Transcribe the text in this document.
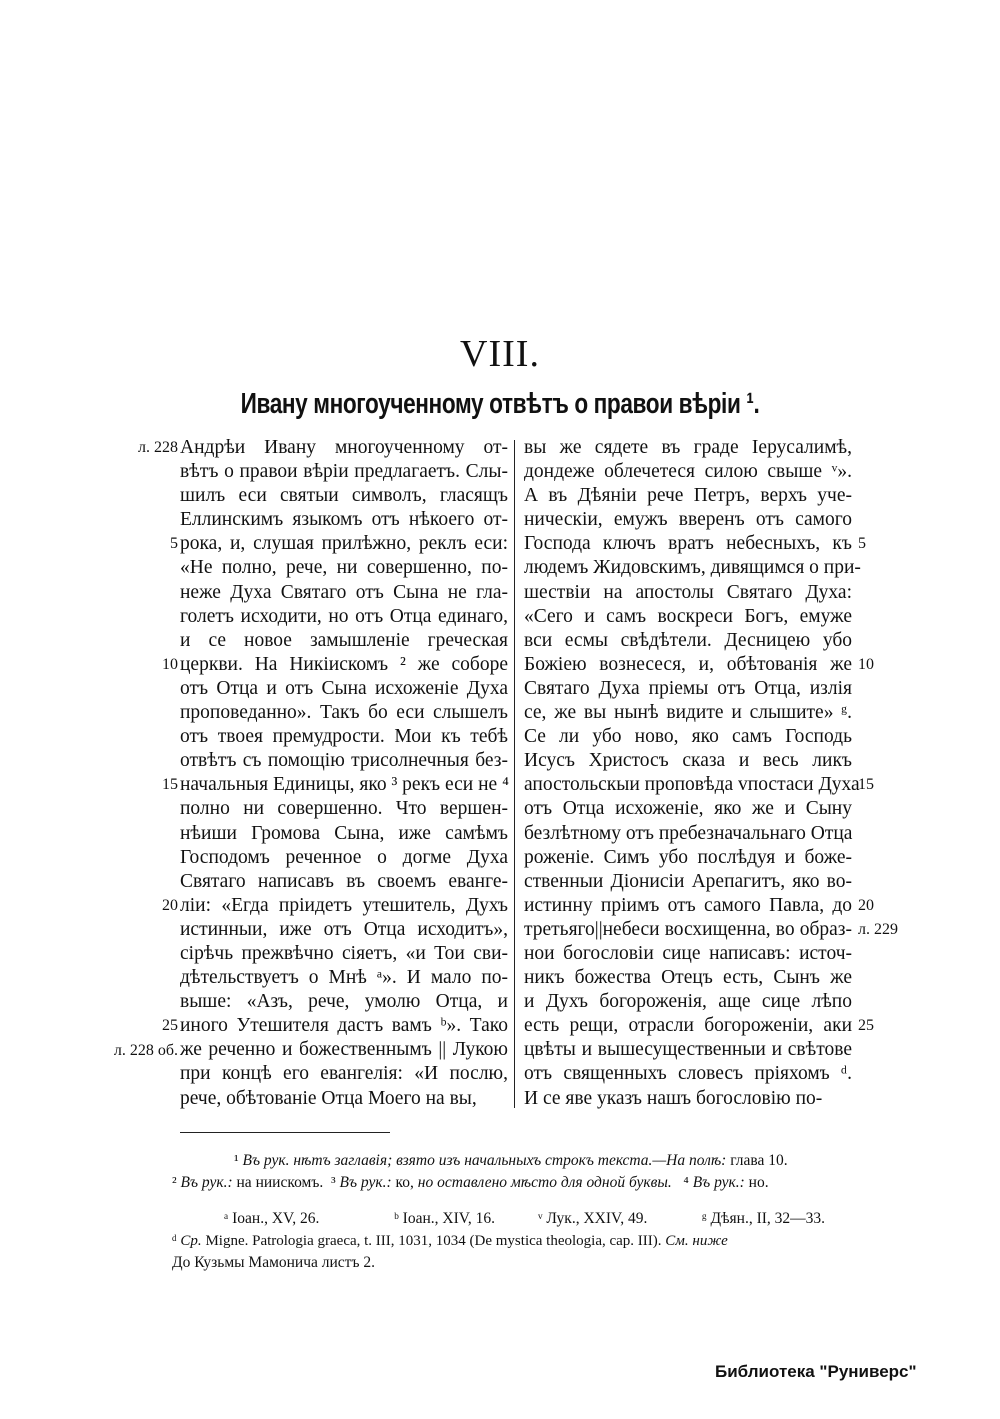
VIII.
Ивану многоученному отвѣтъ о правои вѣрiи ¹.
Андрѣи Ивану многоученному от-
вѣтъ о правои вѣрiи предлагаетъ. Слы-
шилъ еси святыи символъ, гласящъ
Еллинскимъ языкомъ отъ нѣкоего от-
рока, и, слушая прилѣжно, реклъ еси:
«Не полно, рече, ни совершенно, по-
неже Духа Святаго отъ Сына не гла-
голетъ исходити, но отъ Отца единаго,
и се новое замышленiе греческая
церкви. На Никiискомъ ² же соборе
отъ Отца и отъ Сына исхоженiе Духа
проповеданно». Такъ бо еси слышелъ
отъ твоея премудрости. Мои къ тебѣ
отвѣтъ съ помощiю трисолнечныя без-
начальныя Единицы, яко ³ рекъ еси не ⁴
полно ни совершенно. Что вершен-
нѣиши Громова Сына, иже самѣмъ
Господомъ реченное о догме Духа
Святаго написавъ въ своемъ еванге-
лiи: «Егда прiидетъ утешитель, Духъ
истинныи, иже отъ Отца исходитъ»,
сiрѣчь прежвѣчно сiяетъ, «и Тои сви-
дѣтельствуетъ о Мнѣ ᵃ». И мало по-
выше: «Азъ, рече, умолю Отца, и
иного Утешителя дастъ вамъ ᵇ». Тако
же реченно и божественнымъ || Лукою
при концѣ его евангелiя: «И послю,
рече, обѣтованiе Отца Моего на вы,
вы же сядете въ граде Iерусалимѣ,
дондеже облечетеся силою свыше ᵛ».
А въ Дѣянiи рече Петръ, верхъ уче-
ническiи, емужъ вверенъ отъ самого
Господа ключъ вратъ небесныхъ, къ
людемъ Жидовскимъ, дивящимся о при-
шествiи на апостолы Святаго Духа:
«Сего и самъ воскреси Богъ, емуже
вси есмы свѣдѣтели. Десницею убо
Божiею вознесеся, и, обѣтованiя же
Святаго Духа прiемы отъ Отца, излiя
се, же вы нынѣ видите и слышите» ᵍ.
Се ли убо ново, яко самъ Господь
Исусъ Христосъ сказа и весь ликъ
апостольскыи проповѣда vпостаси Духа
отъ Отца исхоженiе, яко же и Сыну
безлѣтному отъ пребезначальнаго Отца
роженiе. Симъ убо послѣдуя и боже-
ственныи Дiонисiи Арепагитъ, яко во-
истинну прiимъ отъ самого Павла, до
третьяго||небеси восхищенна, во образ-
нои богословiи сице написавъ: источ-
никъ божества Отецъ есть, Сынъ же
и Духъ богороженiя, аще сице лѣпо
есть рещи, отрасли богороженiи, аки
цвѣты и вышесущественныи и свѣтове
отъ священныхъ словесъ прiяхомъ ᵈ.
И се яве указъ нашъ богословiю по-
л. 228
5
10
15
20
25
л. 228 об.
5
10
15
20
л. 229
25
¹ Въ рук. нѣтъ заглавiя; взято изъ начальныхъ строкъ текста.—На полѣ: глава 10.
² Въ рук.: на ниискомъ. ³ Въ рук.: ко, но оставлено мѣсто для одной буквы. ⁴ Въ рук.: но.
ᵃ Iоан., XV, 26.	ᵇ Iоан., XIV, 16.	ᵛ Лук., XXIV, 49.	ᵍ Дѣян., II, 32—33.
ᵈ Ср. Migne. Patrologia graeca, t. III, 1031, 1034 (De mystica theologia, cap. III). См. ниже
До Кузьмы Мамонича листъ 2.
Библиотека "Руниверс"
